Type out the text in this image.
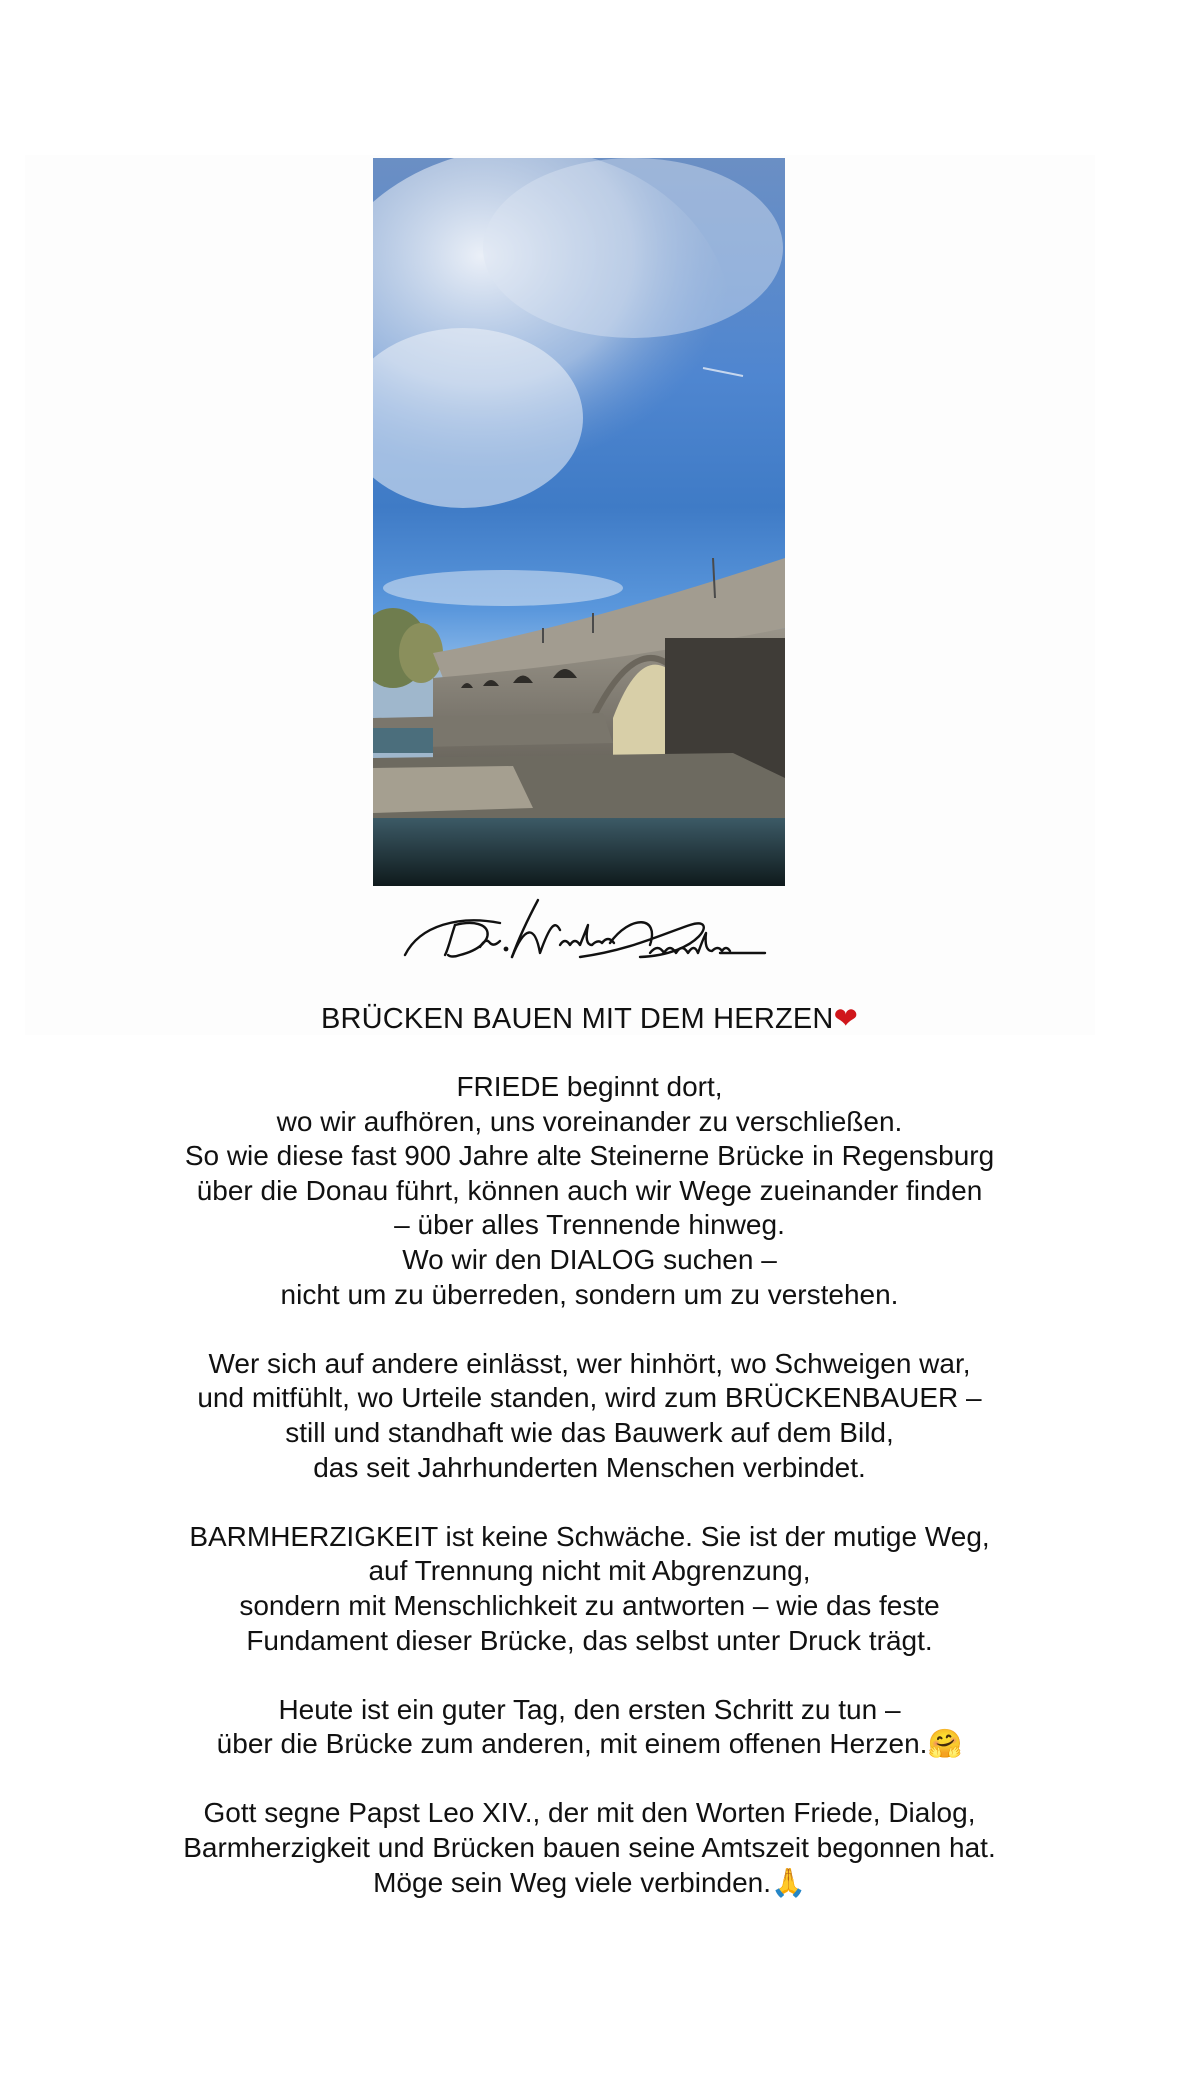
BRÜCKEN BAUEN MIT DEM HERZEN❤
FRIEDE beginnt dort,
wo wir aufhören, uns voreinander zu verschließen.
So wie diese fast 900 Jahre alte Steinerne Brücke in Regensburg
über die Donau führt, können auch wir Wege zueinander finden
– über alles Trennende hinweg.
Wo wir den DIALOG suchen –
nicht um zu überreden, sondern um zu verstehen.
Wer sich auf andere einlässt, wer hinhört, wo Schweigen war,
und mitfühlt, wo Urteile standen, wird zum BRÜCKENBAUER –
still und standhaft wie das Bauwerk auf dem Bild,
das seit Jahrhunderten Menschen verbindet.
BARMHERZIGKEIT ist keine Schwäche. Sie ist der mutige Weg,
auf Trennung nicht mit Abgrenzung,
sondern mit Menschlichkeit zu antworten – wie das feste
Fundament dieser Brücke, das selbst unter Druck trägt.
Heute ist ein guter Tag, den ersten Schritt zu tun –
über die Brücke zum anderen, mit einem offenen Herzen.🤗
Gott segne Papst Leo XIV., der mit den Worten Friede, Dialog,
Barmherzigkeit und Brücken bauen seine Amtszeit begonnen hat.
Möge sein Weg viele verbinden.🙏
